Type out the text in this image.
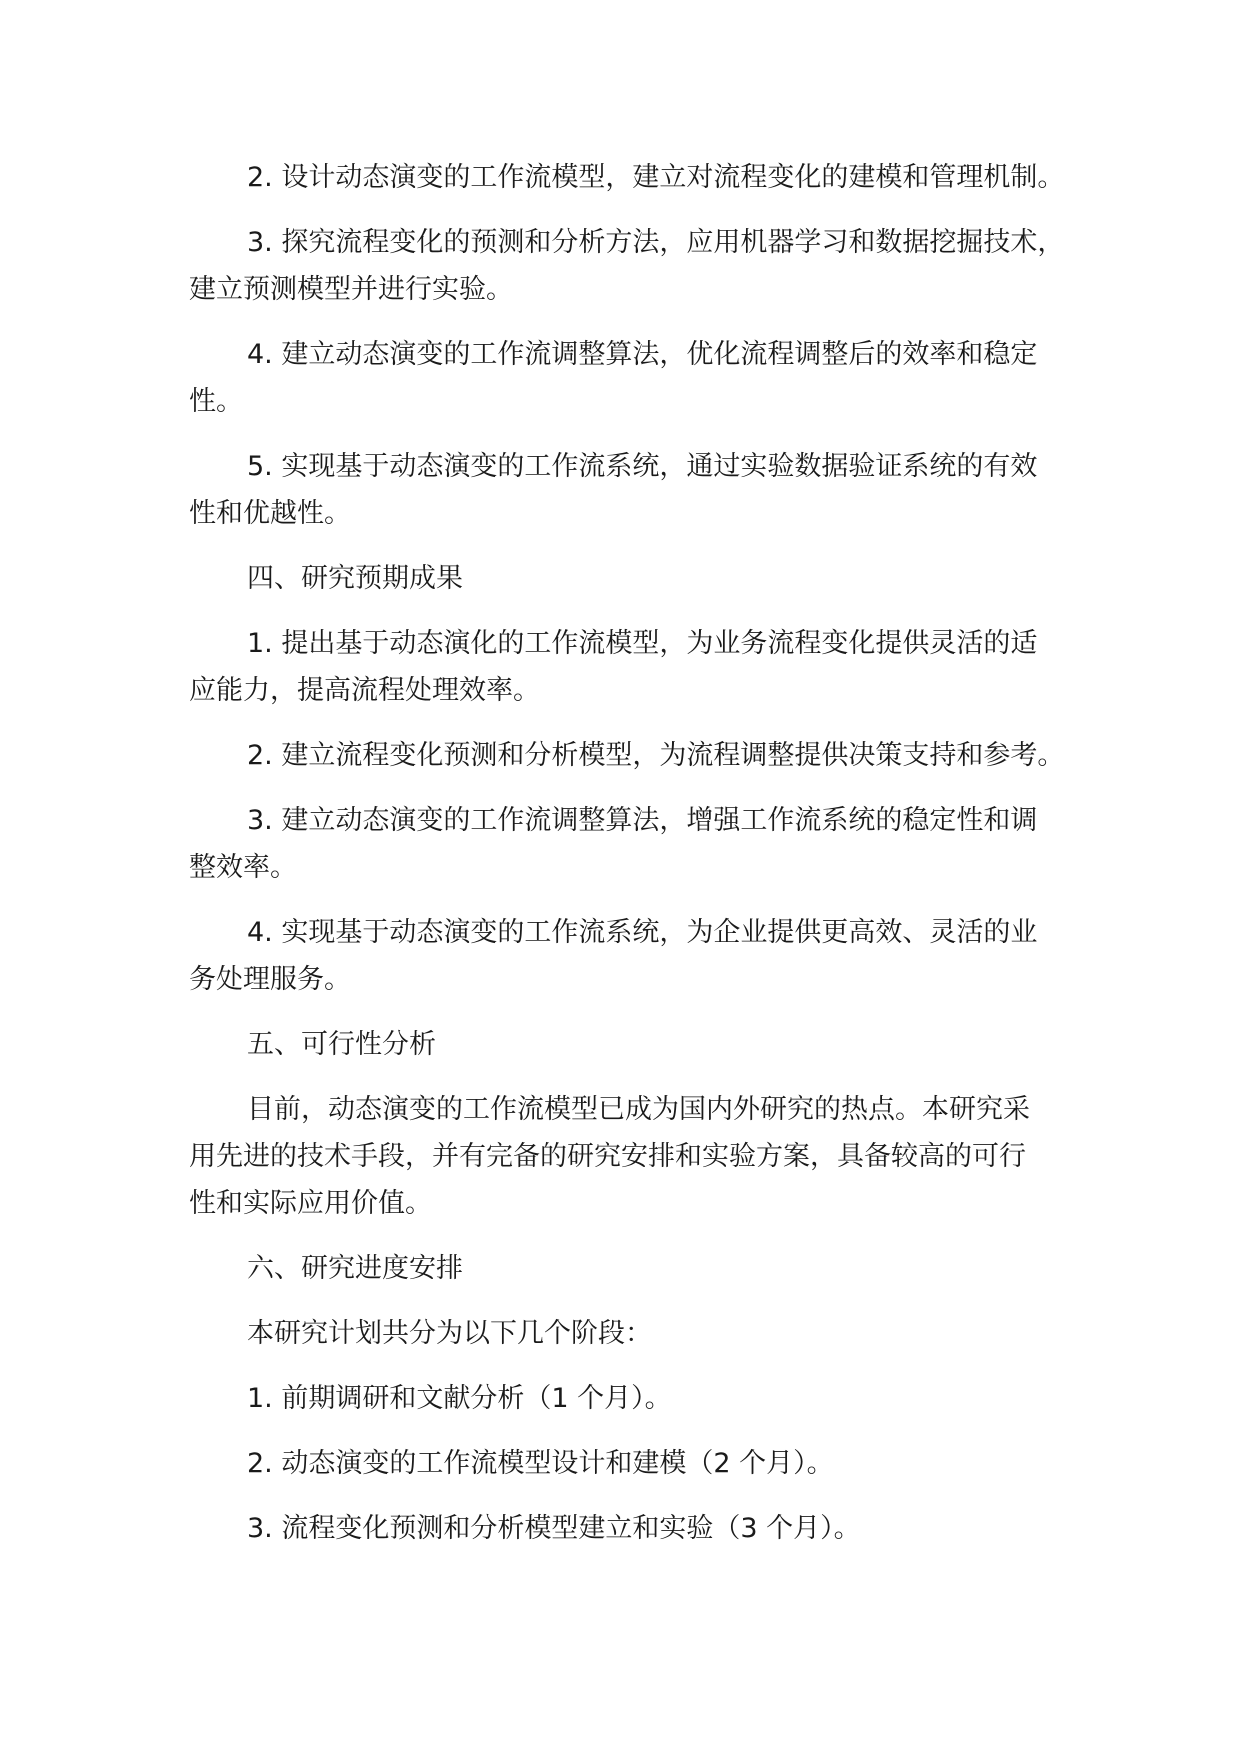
2. 设计动态演变的工作流模型，建立对流程变化的建模和管理机制。
3. 探究流程变化的预测和分析方法，应用机器学习和数据挖掘技术，
建立预测模型并进行实验。
4. 建立动态演变的工作流调整算法，优化流程调整后的效率和稳定
性。
5. 实现基于动态演变的工作流系统，通过实验数据验证系统的有效
性和优越性。
四、研究预期成果
1. 提出基于动态演化的工作流模型，为业务流程变化提供灵活的适
应能力，提高流程处理效率。
2. 建立流程变化预测和分析模型，为流程调整提供决策支持和参考。
3. 建立动态演变的工作流调整算法，增强工作流系统的稳定性和调
整效率。
4. 实现基于动态演变的工作流系统，为企业提供更高效、灵活的业
务处理服务。
五、可行性分析
目前，动态演变的工作流模型已成为国内外研究的热点。本研究采
用先进的技术手段，并有完备的研究安排和实验方案，具备较高的可行
性和实际应用价值。
六、研究进度安排
本研究计划共分为以下几个阶段：
1. 前期调研和文献分析（1 个月）。
2. 动态演变的工作流模型设计和建模（2 个月）。
3. 流程变化预测和分析模型建立和实验（3 个月）。
